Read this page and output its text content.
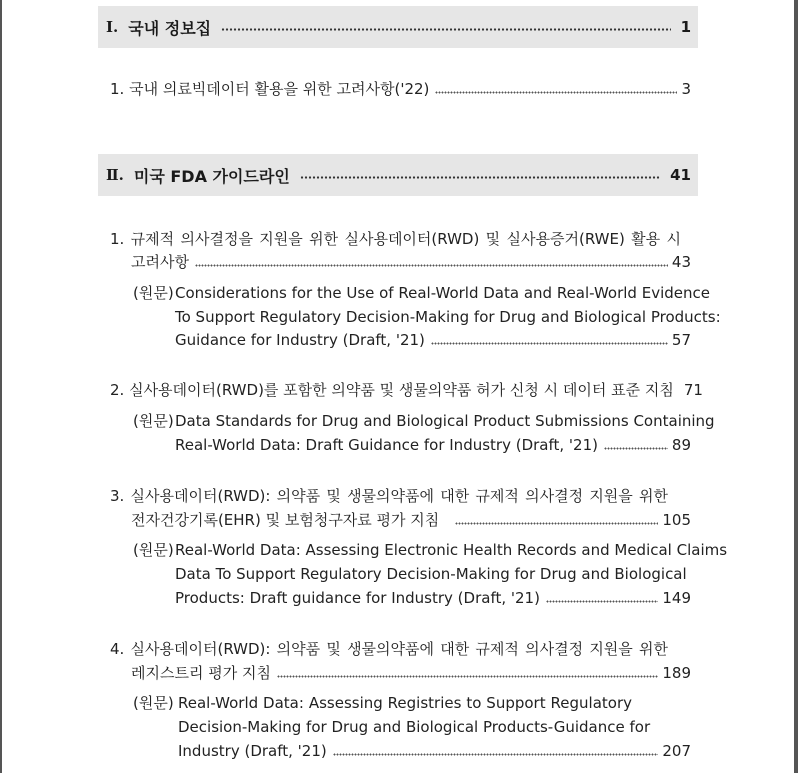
Ⅰ. 국내 정보집	1
1. 국내 의료빅데이터 활용을 위한 고려사항('22)	3
Ⅱ. 미국 FDA 가이드라인	41
1. 규제적 의사결정을 지원을 위한 실사용데이터(RWD) 및 실사용증거(RWE) 활용 시
고려사항	43
(원문) Considerations for the Use of Real-World Data and Real-World Evidence
To Support Regulatory Decision-Making for Drug and Biological Products:
Guidance for Industry (Draft, '21)	57
2. 실사용데이터(RWD)를 포함한 의약품 및 생물의약품 허가 신청 시 데이터 표준 지침 71
(원문) Data Standards for Drug and Biological Product Submissions Containing
Real-World Data: Draft Guidance for Industry (Draft, '21)	89
3. 실사용데이터(RWD): 의약품 및 생물의약품에 대한 규제적 의사결정 지원을 위한
전자건강기록(EHR) 및 보험청구자료 평가 지침	105
(원문) Real-World Data: Assessing Electronic Health Records and Medical Claims
Data To Support Regulatory Decision-Making for Drug and Biological
Products: Draft guidance for Industry (Draft, '21)	149
4. 실사용데이터(RWD): 의약품 및 생물의약품에 대한 규제적 의사결정 지원을 위한
레지스트리 평가 지침	189
(원문) Real-World Data: Assessing Registries to Support Regulatory
Decision-Making for Drug and Biological Products-Guidance for
Industry (Draft, '21)	207
